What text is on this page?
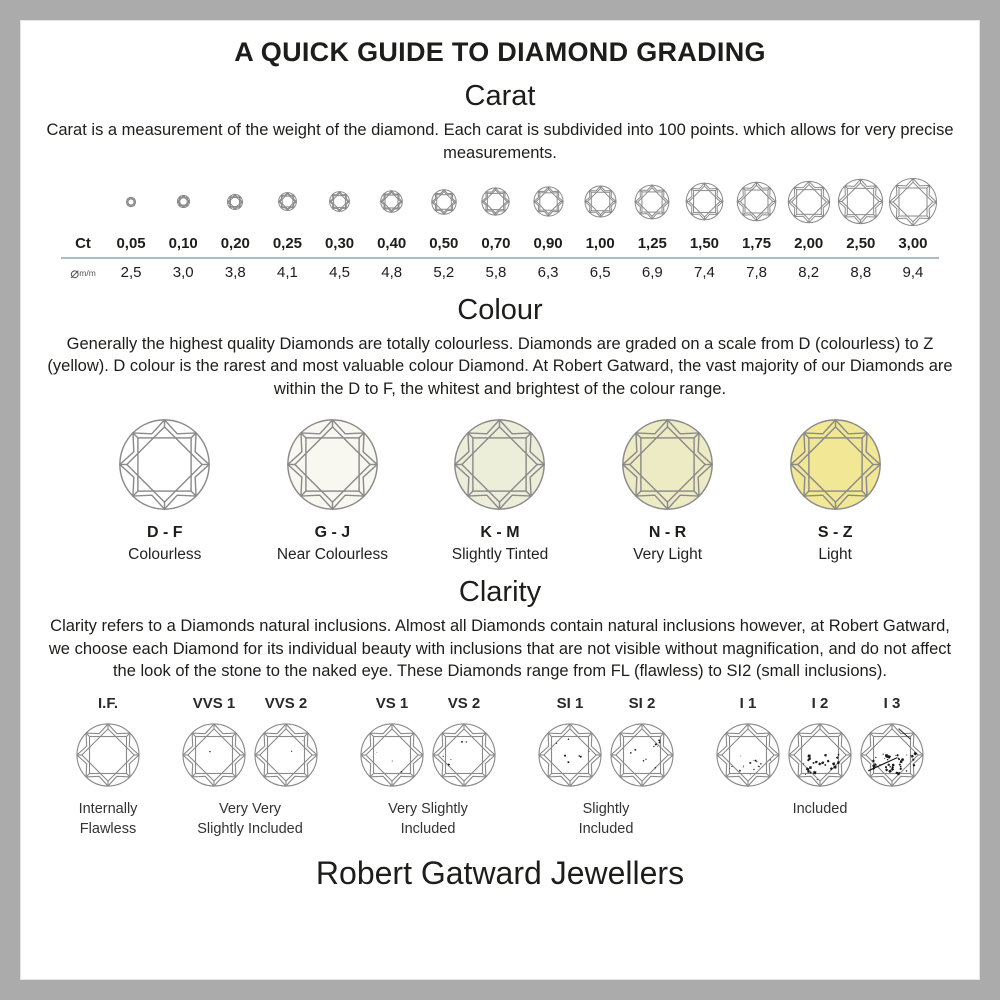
A QUICK GUIDE TO DIAMOND GRADING
Carat

Carat is a measurement of the weight of the diamond. Each carat is subdivided into 100 points. which allows for very precise measurements.

Ct	0,05	0,10	0,20	0,25	0,30	0,40	0,50	0,70	0,90	1,00	1,25	1,50	1,75	2,00	2,50	3,00
⌀ m/m	2,5	3,0	3,8	4,1	4,5	4,8	5,2	5,8	6,3	6,5	6,9	7,4	7,8	8,2	8,8	9,4
Colour

Generally the highest quality Diamonds are totally colourless. Diamonds are graded on a scale from D (colourless) to Z (yellow). D colour is the rarest and most valuable colour Diamond. At Robert Gatward, the vast majority of our Diamonds are within the D to F, the whitest and brightest of the colour range.

D - F
Colourless
G - J
Near Colourless
K - M
Slightly Tinted
N - R
Very Light
S - Z
Light
Clarity

Clarity refers to a Diamonds natural inclusions. Almost all Diamonds contain natural inclusions however, at Robert Gatward, we choose each Diamond for its individual beauty with inclusions that are not visible without magnification, and do not affect the look of the stone to the naked eye. These Diamonds range from FL (flawless) to SI2 (small inclusions).

I.F.
Internally
Flawless
VVS 1 VVS 2
Very Very
Slightly Included
VS 1	VS 2
Very Slightly
Included
SI 1	SI 2
Slightly
Included
I 1	I 2	I 3
Included
Robert Gatward Jewellers
